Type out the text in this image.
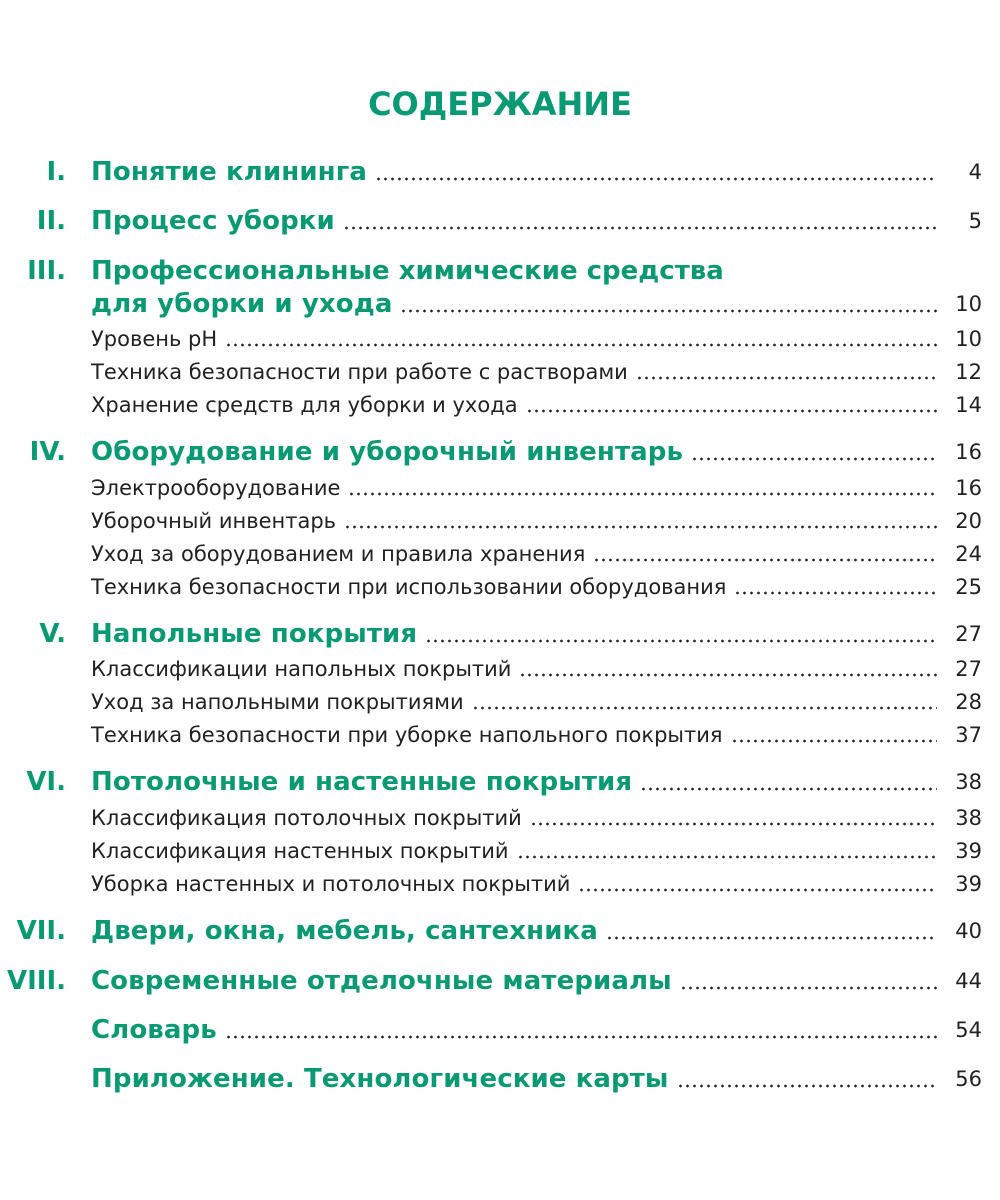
СОДЕРЖАНИЕ
I. Понятие клининга	4
II. Процесс уборки	5
III. Профессиональные химические средства
для уборки и ухода	10
Уровень pH	10
Техника безопасности при работе с растворами	12
Хранение средств для уборки и ухода	14
IV. Оборудование и уборочный инвентарь	16
Электрооборудование	16
Уборочный инвентарь	20
Уход за оборудованием и правила хранения	24
Техника безопасности при использовании оборудования	25
V. Напольные покрытия	27
Классификации напольных покрытий	27
Уход за напольными покрытиями	28
Техника безопасности при уборке напольного покрытия	37
VI. Потолочные и настенные покрытия	38
Классификация потолочных покрытий	38
Классификация настенных покрытий	39
Уборка настенных и потолочных покрытий	39
VII. Двери, окна, мебель, сантехника	40
VIII. Современные отделочные материалы	44
Словарь	54
Приложение. Технологические карты	56
